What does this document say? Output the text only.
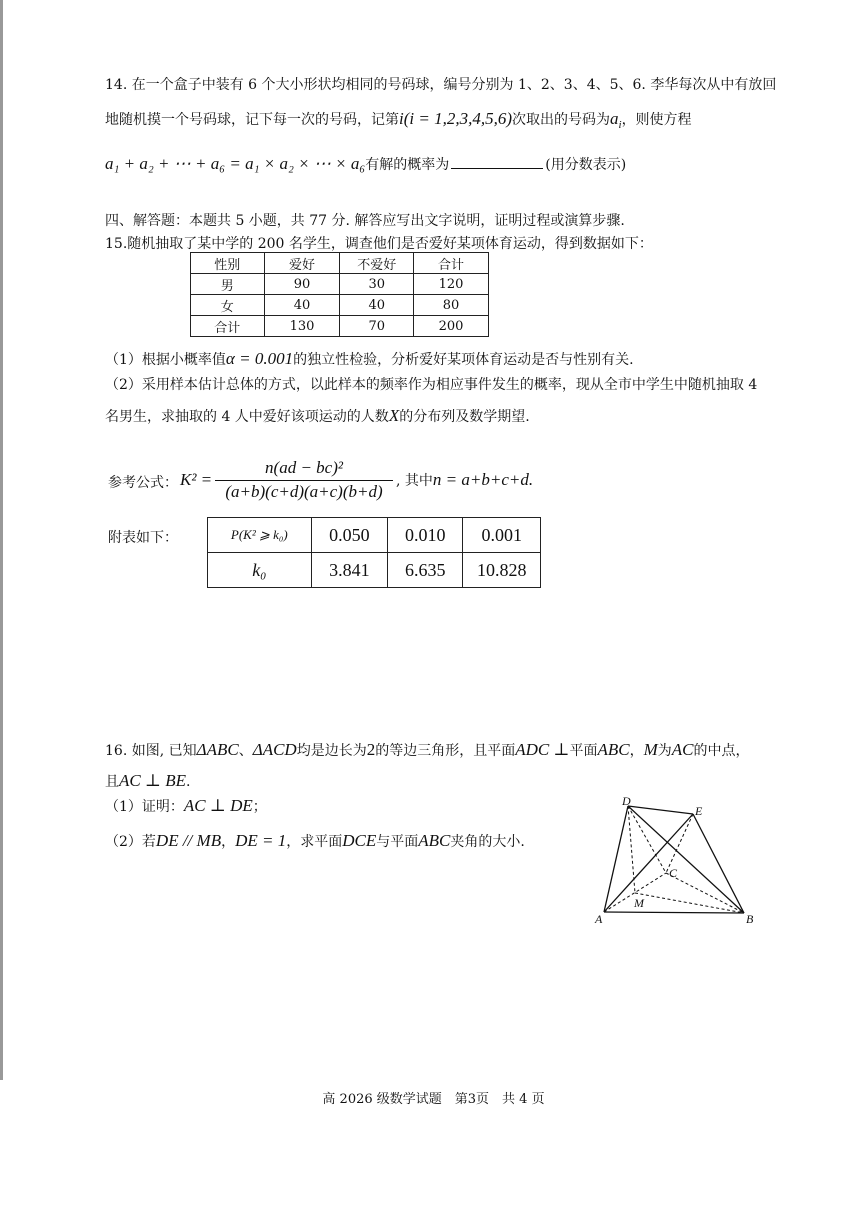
14. 在一个盒子中装有 6 个大小形状均相同的号码球，编号分别为 1、2、3、4、5、6. 李华每次从中有放回
地随机摸一个号码球，记下每一次的号码，记第i(i = 1,2,3,4,5,6)次取出的号码为$a_i$，则使方程
a₁ + a₂ + ⋯ + a₆ = a₁ × a₂ × ⋯ × a₆有解的概率为	(用分数表示)
四、解答题：本题共 5 小题，共 77 分. 解答应写出文字说明，证明过程或演算步骤.
15.随机抽取了某中学的 200 名学生，调查他们是否爱好某项体育运动，得到数据如下：
性别	爱好	不爱好	合计
男	90	30	120
女	40	40	80
合计	130	70	200
（1）根据小概率值α = 0.001的独立性检验，分析爱好某项体育运动是否与性别有关.
（2）采用样本估计总体的方式，以此样本的频率作为相应事件发生的概率，现从全市中学生中随机抽取 4
名男生，求抽取的 4 人中爱好该项运动的人数X的分布列及数学期望.
参考公式： K² =
n(ad − bc)²
(a+b)(c+d)(a+c)(b+d)
, 其中n = a+b+c+d.
附表如下：	P(K² ⩾ k₀)	0.050	0.010	0.001
k₀	3.841	6.635	10.828
16. 如图, 已知ΔABC、ΔACD均是边长为2的等边三角形，且平面ADC ⊥平面ABC，M为AC的中点，
且AC ⊥ BE.
（1）证明：AC ⊥ DE；
（2）若DE // MB，DE = 1，求平面DCE与平面ABC夹角的大小.
D
E
C
M
A	B
高 2026 级数学试题　第3页　共 4 页
